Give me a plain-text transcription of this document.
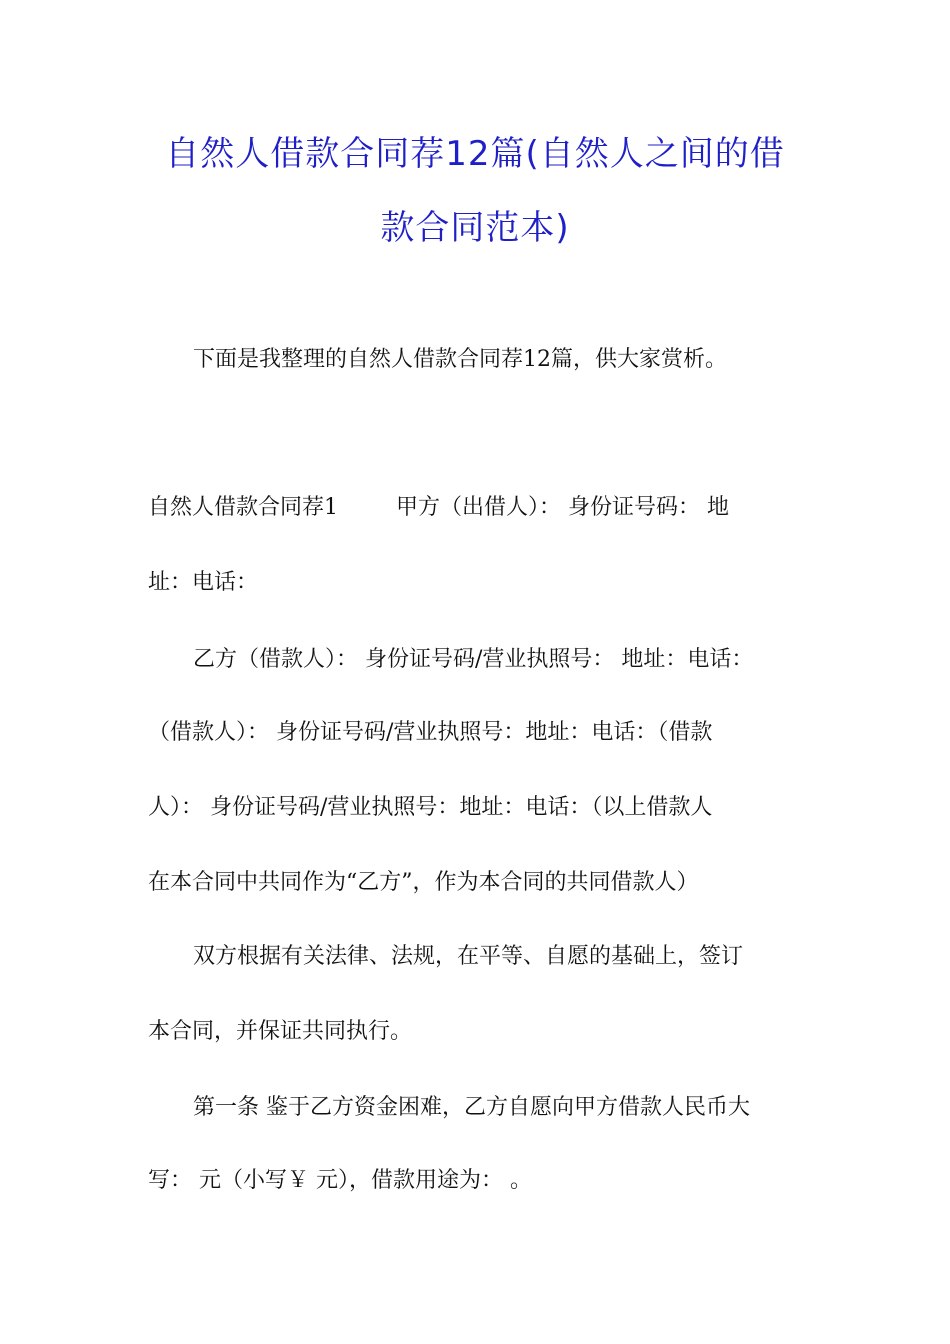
自然人借款合同荐12篇(自然人之间的借
款合同范本)

下面是我整理的自然人借款合同荐12篇，供大家赏析。

自然人借款合同荐1	甲方（出借人）： 身份证号码： 地

址：电话：

乙方（借款人）： 身份证号码/营业执照号： 地址：电话：

（借款人）： 身份证号码/营业执照号：地址：电话：（借款

人）： 身份证号码/营业执照号：地址：电话：（以上借款人

在本合同中共同作为“乙方”，作为本合同的共同借款人）

双方根据有关法律、法规，在平等、自愿的基础上，签订

本合同，并保证共同执行。

第一条 鉴于乙方资金困难，乙方自愿向甲方借款人民币大

写： 元（小写￥ 元），借款用途为： 。
